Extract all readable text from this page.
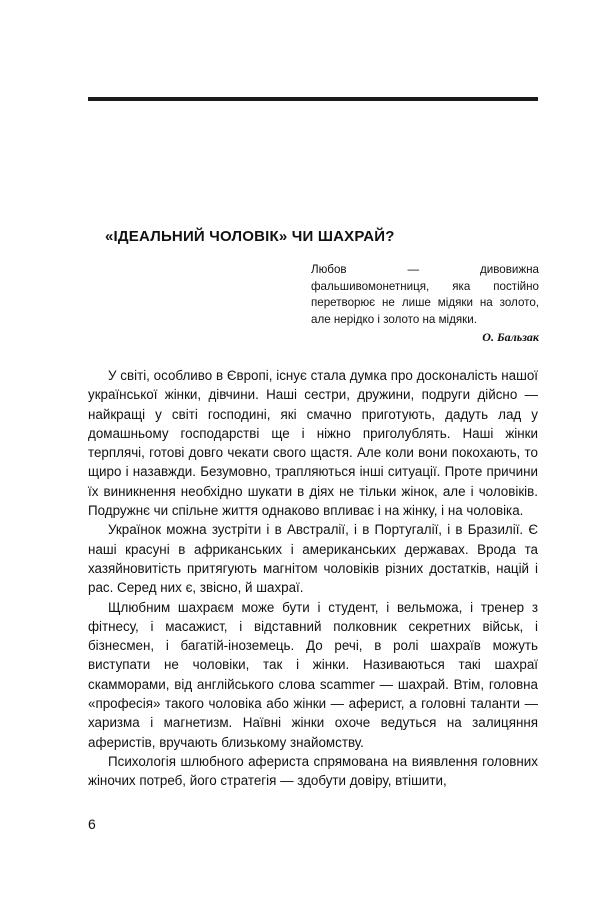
«ІДЕАЛЬНИЙ ЧОЛОВІК» ЧИ ШАХРАЙ?
Любов — дивовижна фальшивомонетниця, яка постійно перетворює не лише мідяки на золото, але нерідко і золото на мідяки.
О. Бальзак

У світі, особливо в Європі, існує стала думка про досконалість нашої української жінки, дівчини. Наші сестри, дружини, подруги дійсно — найкращі у світі господині, які смачно приготують, дадуть лад у домашньому господарстві ще і ніжно приголублять. Наші жінки терплячі, готові довго чекати свого щастя. Але коли вони покохають, то щиро і назавжди. Безумовно, трапляються інші ситуації. Проте причини їх виникнення необхідно шукати в діях не тільки жінок, але і чоловіків. Подружнє чи спільне життя однаково впливає і на жінку, і на чоловіка.

Українок можна зустріти і в Австралії, і в Португалії, і в Бразилії. Є наші красуні в африканських і американських державах. Врода та хазяйновитість притягують магнітом чоловіків різних достатків, націй і рас. Серед них є, звісно, й шахраї.

Щлюбним шахраєм може бути і студент, і вельможа, і тренер з фітнесу, і масажист, і відставний полковник секретних військ, і бізнесмен, і багатій-іноземець. До речі, в ролі шахраїв можуть виступати не чоловіки, так і жінки. Називаються такі шахраї скамморами, від англійського слова scammer — шахрай. Втім, головна «професія» такого чоловіка або жінки — аферист, а головні таланти — харизма і магнетизм. Наївні жінки охоче ведуться на залицяння аферистів, вручають близькому знайомству.

Психологія шлюбного афериста спрямована на виявлення головних жіночих потреб, його стратегія — здобути довіру, втішити,

6
